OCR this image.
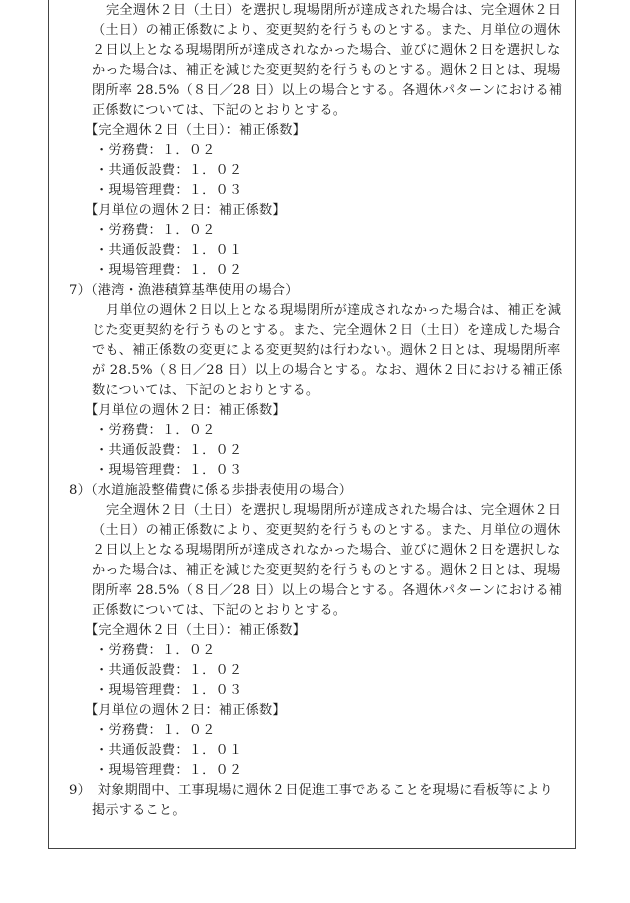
完全週休２日（土日）を選択し現場閉所が達成された場合は、完全週休２日
（土日）の補正係数により、変更契約を行うものとする。また、月単位の週休
２日以上となる現場閉所が達成されなかった場合、並びに週休２日を選択しな
かった場合は、補正を減じた変更契約を行うものとする。週休２日とは、現場
閉所率 28.5%（８日／28 日）以上の場合とする。各週休パターンにおける補
正係数については、下記のとおりとする。
【完全週休２日（土日）：補正係数】
・労務費：１．０２
・共通仮設費：１．０２
・現場管理費：１．０３
【月単位の週休２日：補正係数】
・労務費：１．０２
・共通仮設費：１．０１
・現場管理費：１．０２
7）（港湾・漁港積算基準使用の場合）
月単位の週休２日以上となる現場閉所が達成されなかった場合は、補正を減
じた変更契約を行うものとする。また、完全週休２日（土日）を達成した場合
でも、補正係数の変更による変更契約は行わない。週休２日とは、現場閉所率
が 28.5%（８日／28 日）以上の場合とする。なお、週休２日における補正係
数については、下記のとおりとする。
【月単位の週休２日：補正係数】
・労務費：１．０２
・共通仮設費：１．０２
・現場管理費：１．０３
8）（水道施設整備費に係る歩掛表使用の場合）
完全週休２日（土日）を選択し現場閉所が達成された場合は、完全週休２日
（土日）の補正係数により、変更契約を行うものとする。また、月単位の週休
２日以上となる現場閉所が達成されなかった場合、並びに週休２日を選択しな
かった場合は、補正を減じた変更契約を行うものとする。週休２日とは、現場
閉所率 28.5%（８日／28 日）以上の場合とする。各週休パターンにおける補
正係数については、下記のとおりとする。
【完全週休２日（土日）：補正係数】
・労務費：１．０２
・共通仮設費：１．０２
・現場管理費：１．０３
【月単位の週休２日：補正係数】
・労務費：１．０２
・共通仮設費：１．０１
・現場管理費：１．０２
9）　対象期間中、工事現場に週休２日促進工事であることを現場に看板等により
掲示すること。
